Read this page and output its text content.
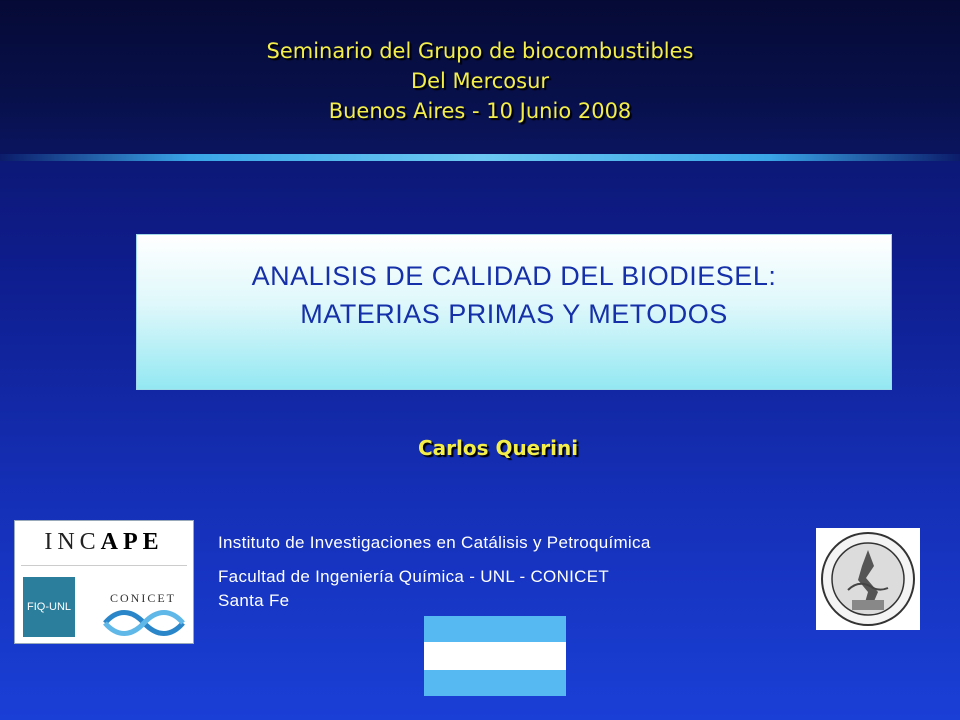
Seminario del Grupo de biocombustibles
Del Mercosur
Buenos Aires - 10 Junio 2008
ANALISIS DE CALIDAD DEL BIODIESEL:
MATERIAS PRIMAS Y METODOS
Carlos Querini
INCAPE
FIQ-UNL
CONICET
Instituto de Investigaciones en Catálisis y Petroquímica
Facultad de Ingeniería Química - UNL - CONICET
Santa Fe
